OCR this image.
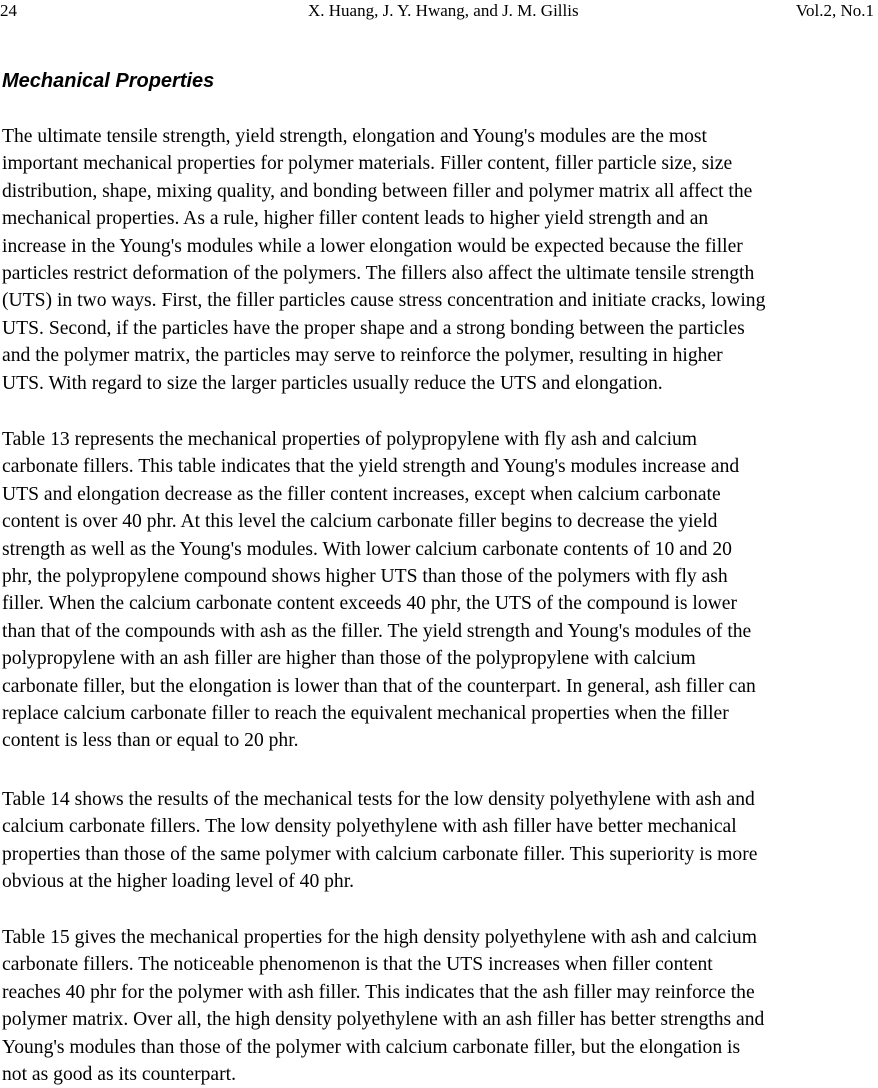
24	X. Huang, J. Y. Hwang, and J. M. Gillis	Vol.2, No.1
Mechanical Properties
The ultimate tensile strength, yield strength, elongation and Young's modules are the most
important mechanical properties for polymer materials. Filler content, filler particle size, size
distribution, shape, mixing quality, and bonding between filler and polymer matrix all affect the
mechanical properties. As a rule, higher filler content leads to higher yield strength and an
increase in the Young's modules while a lower elongation would be expected because the filler
particles restrict deformation of the polymers. The fillers also affect the ultimate tensile strength
(UTS) in two ways. First, the filler particles cause stress concentration and initiate cracks, lowing
UTS. Second, if the particles have the proper shape and a strong bonding between the particles
and the polymer matrix, the particles may serve to reinforce the polymer, resulting in higher
UTS. With regard to size the larger particles usually reduce the UTS and elongation.
Table 13 represents the mechanical properties of polypropylene with fly ash and calcium
carbonate fillers. This table indicates that the yield strength and Young's modules increase and
UTS and elongation decrease as the filler content increases, except when calcium carbonate
content is over 40 phr. At this level the calcium carbonate filler begins to decrease the yield
strength as well as the Young's modules. With lower calcium carbonate contents of 10 and 20
phr, the polypropylene compound shows higher UTS than those of the polymers with fly ash
filler. When the calcium carbonate content exceeds 40 phr, the UTS of the compound is lower
than that of the compounds with ash as the filler. The yield strength and Young's modules of the
polypropylene with an ash filler are higher than those of the polypropylene with calcium
carbonate filler, but the elongation is lower than that of the counterpart. In general, ash filler can
replace calcium carbonate filler to reach the equivalent mechanical properties when the filler
content is less than or equal to 20 phr.
Table 14 shows the results of the mechanical tests for the low density polyethylene with ash and
calcium carbonate fillers. The low density polyethylene with ash filler have better mechanical
properties than those of the same polymer with calcium carbonate filler. This superiority is more
obvious at the higher loading level of 40 phr.
Table 15 gives the mechanical properties for the high density polyethylene with ash and calcium
carbonate fillers. The noticeable phenomenon is that the UTS increases when filler content
reaches 40 phr for the polymer with ash filler. This indicates that the ash filler may reinforce the
polymer matrix. Over all, the high density polyethylene with an ash filler has better strengths and
Young's modules than those of the polymer with calcium carbonate filler, but the elongation is
not as good as its counterpart.
